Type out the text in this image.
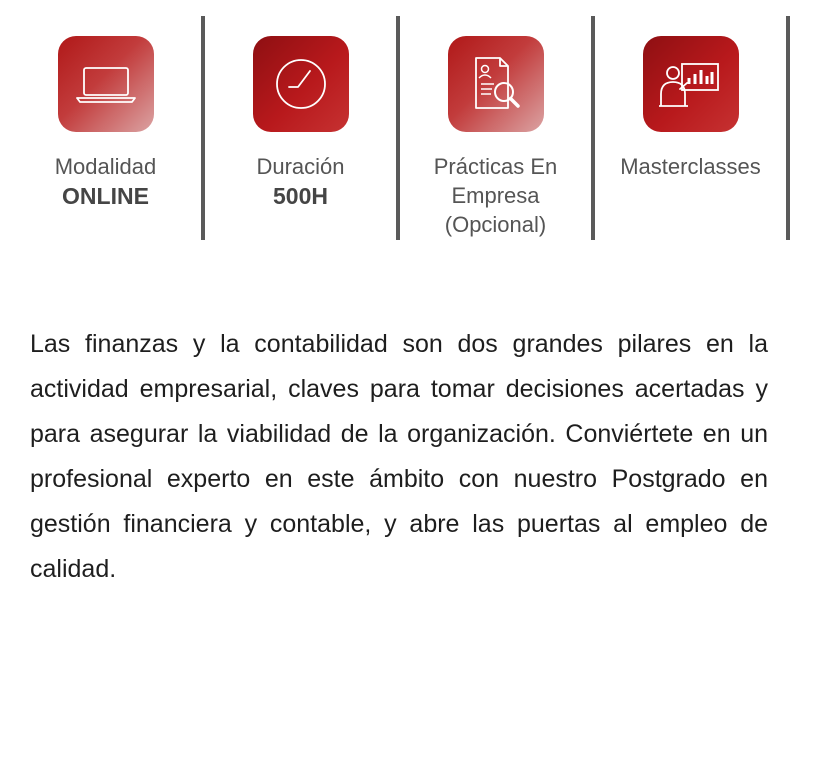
Modalidad
ONLINE
Duración
500H
Prácticas En Empresa (Opcional)
Masterclasses

Las finanzas y la contabilidad son dos grandes pilares en la actividad empresarial, claves para tomar decisiones acertadas y para asegurar la viabilidad de la organización. Conviértete en un profesional experto en este ámbito con nuestro Postgrado en gestión financiera y contable, y abre las puertas al empleo de calidad.
